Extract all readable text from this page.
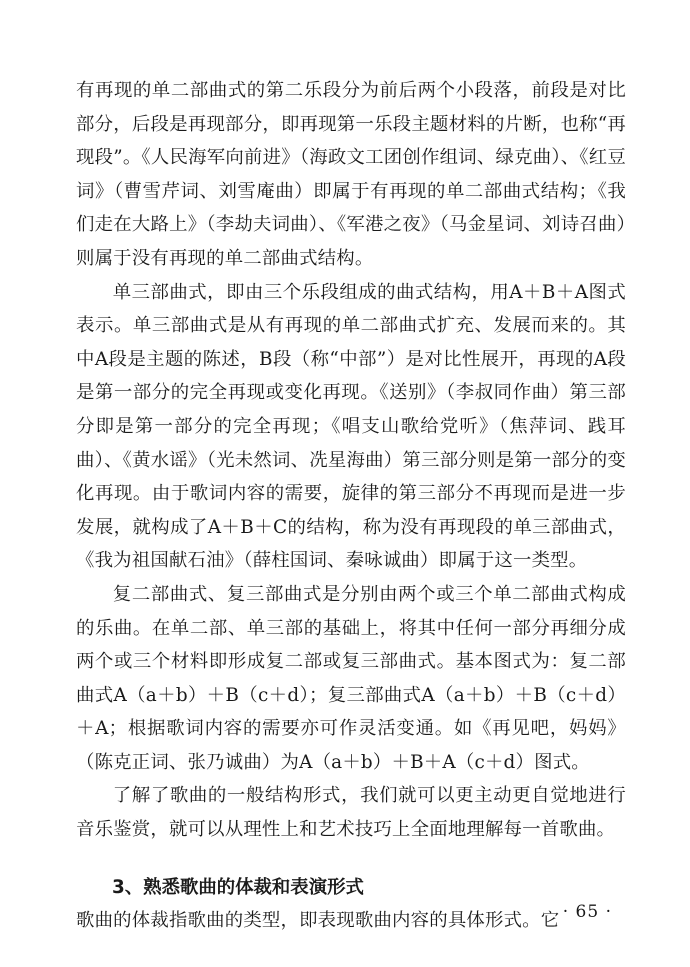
有再现的单二部曲式的第二乐段分为前后两个小段落，前段是对比部分，后段是再现部分，即再现第一乐段主题材料的片断，也称“再现段”。《人民海军向前进》（海政文工团创作组词、绿克曲）、《红豆词》（曹雪芹词、刘雪庵曲）即属于有再现的单二部曲式结构；《我们走在大路上》（李劫夫词曲）、《军港之夜》（马金星词、刘诗召曲）则属于没有再现的单二部曲式结构。

单三部曲式，即由三个乐段组成的曲式结构，用A＋B＋A图式表示。单三部曲式是从有再现的单二部曲式扩充、发展而来的。其中A段是主题的陈述，B段（称“中部”）是对比性展开，再现的A段是第一部分的完全再现或变化再现。《送别》（李叔同作曲）第三部分即是第一部分的完全再现；《唱支山歌给党听》（焦萍词、践耳曲）、《黄水谣》（光未然词、冼星海曲）第三部分则是第一部分的变化再现。由于歌词内容的需要，旋律的第三部分不再现而是进一步发展，就构成了A＋B＋C的结构，称为没有再现段的单三部曲式，《我为祖国献石油》（薛柱国词、秦咏诚曲）即属于这一类型。

复二部曲式、复三部曲式是分别由两个或三个单二部曲式构成的乐曲。在单二部、单三部的基础上，将其中任何一部分再细分成两个或三个材料即形成复二部或复三部曲式。基本图式为：复二部曲式A（a＋b）＋B（c＋d）；复三部曲式A（a＋b）＋B（c＋d）＋A；根据歌词内容的需要亦可作灵活变通。如《再见吧，妈妈》（陈克正词、张乃诚曲）为A（a＋b）＋B＋A（c＋d）图式。

了解了歌曲的一般结构形式，我们就可以更主动更自觉地进行音乐鉴赏，就可以从理性上和艺术技巧上全面地理解每一首歌曲。

3、熟悉歌曲的体裁和表演形式

歌曲的体裁指歌曲的类型，即表现歌曲内容的具体形式。它 · 65 ·
